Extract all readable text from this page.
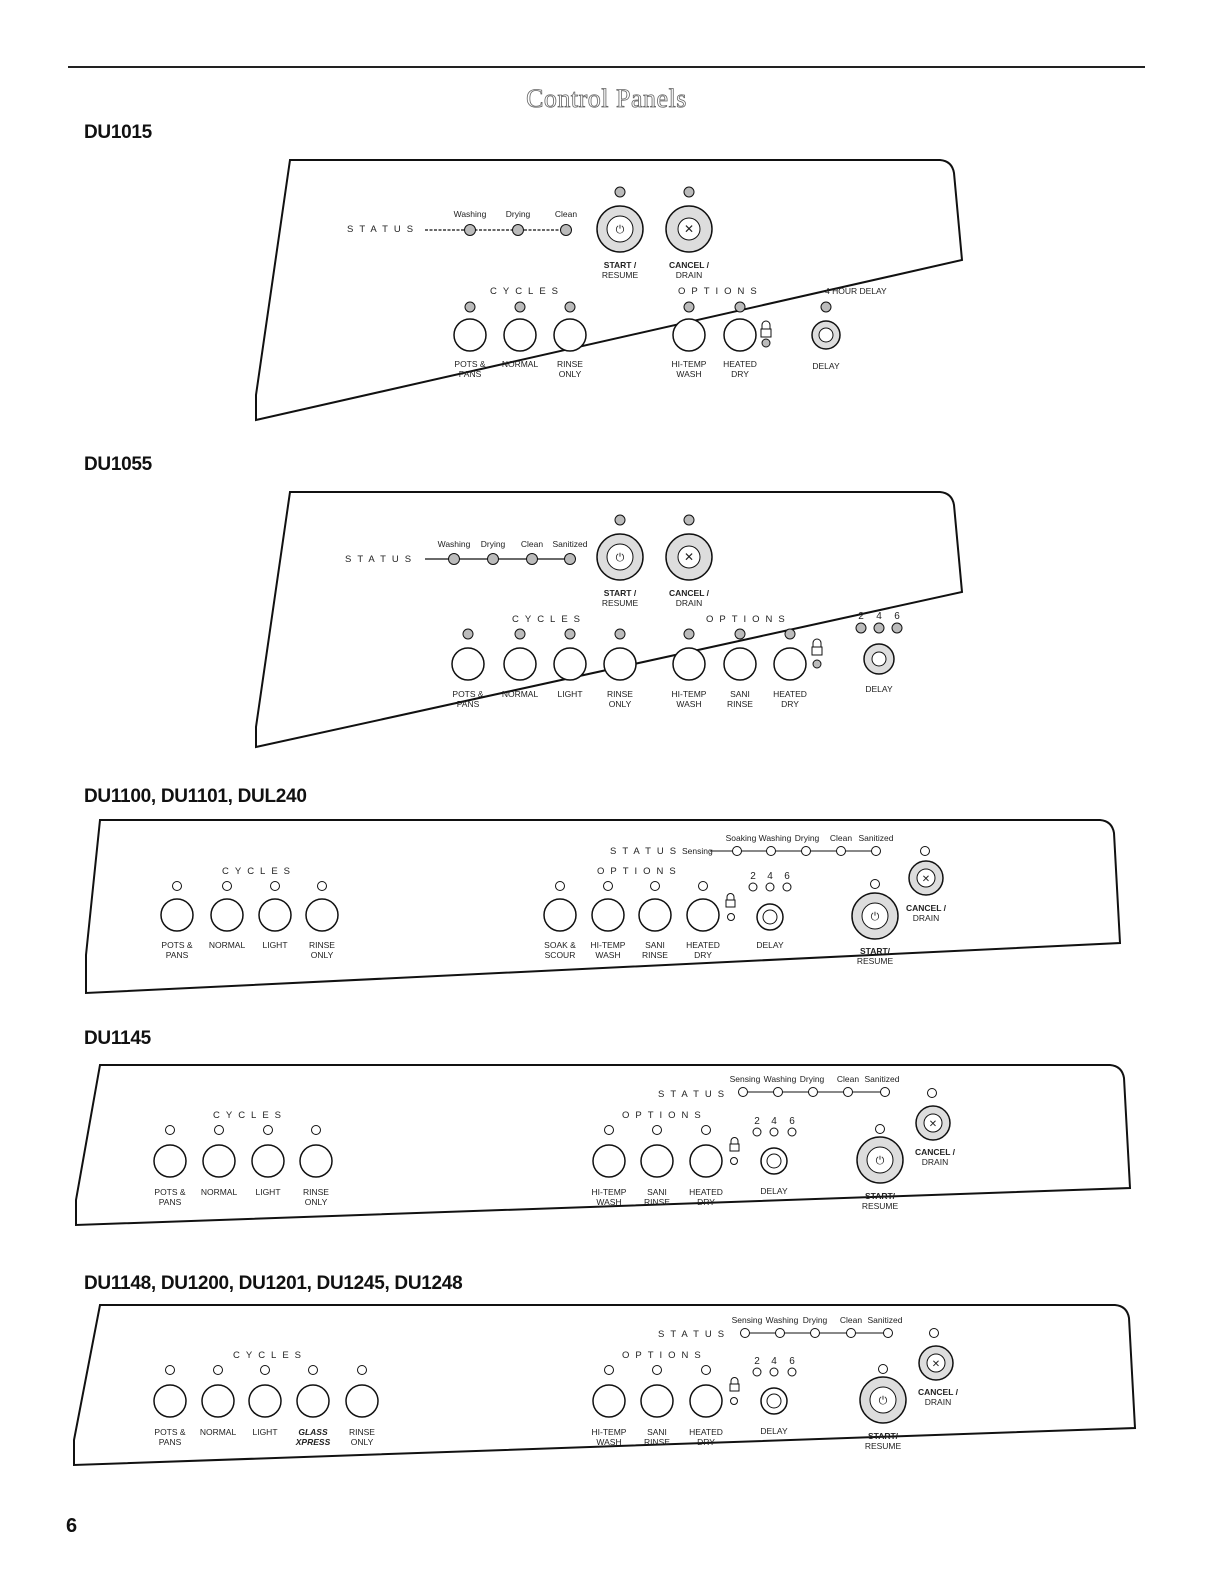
Control Panels
DU1015
DU1055
DU1100, DU1101, DUL240
DU1145
DU1148, DU1200, DU1201, DU1245, DU1248
STATUS
Washing Drying	Clean
⏻
START /
RESUME
✕
CANCEL /
DRAIN
CYCLES	OPTIONS	4 HOUR DELAY
POTS &
PANS
NORMAL RINSE
ONLY
HI-TEMP
WASH
HEATED
DRY
DELAY
STATUS
Washing Drying Clean Sanitized
⏻
START /
RESUME
✕
CANCEL /
DRAIN
CYCLES	OPTIONS
POTS &
PANS
NORMAL LIGHT	RINSE
ONLY
HI-TEMP
WASH
SANI
RINSE
HEATED
DRY
2 4 6
DELAY
STATUS Sensing
Soaking Washing Drying Clean Sanitized
CYCLES	OPTIONS
POTS &
PANS
NORMAL LIGHT	RINSE
ONLY
SOAK &
SCOUR
HI-TEMP
WASH
SANI
RINSE
HEATED
DRY
2 4 6
DELAY
⏻
START/
RESUME
✕
CANCEL /
DRAIN
STATUS
Sensing Washing Drying Clean Sanitized
CYCLES	OPTIONS
POTS &
PANS
NORMAL LIGHT	RINSE
ONLY
HI-TEMP
WASH
SANI
RINSE
HEATED
DRY
2 4 6
DELAY
⏻
START/
RESUME
✕
CANCEL /
DRAIN
STATUS
Sensing Washing Drying Clean Sanitized
CYCLES	OPTIONS
POTS &
PANS
NORMAL LIGHT GLASS
XPRESS
RINSE
ONLY
HI-TEMP
WASH
SANI
RINSE
HEATED
DRY
2 4 6
DELAY
⏻
START/
RESUME
✕
CANCEL /
DRAIN
6
